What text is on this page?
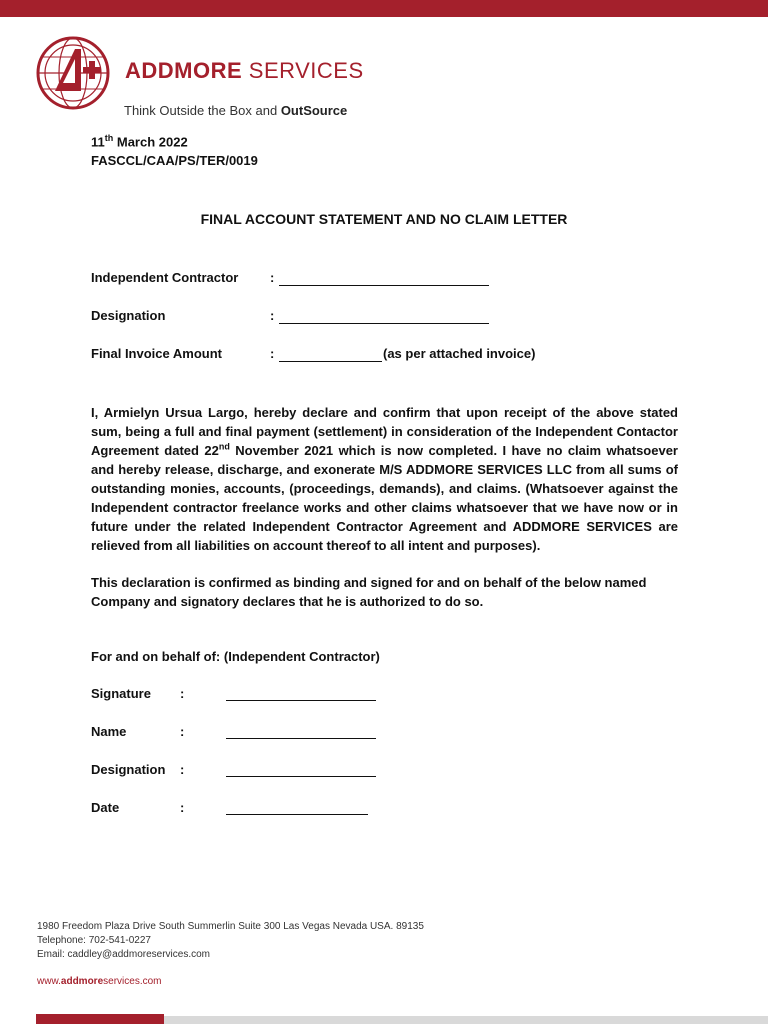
ADDMORE SERVICES
Think Outside the Box and OutSource
11th March 2022
FASCCL/CAA/PS/TER/0019
FINAL ACCOUNT STATEMENT AND NO CLAIM LETTER
Independent Contractor :
Designation	:
Final Invoice Amount	:	(as per attached invoice)
I, Armielyn Ursua Largo, hereby declare and confirm that upon receipt of the above stated sum, being a full and final payment (settlement) in consideration of the Independent Contactor Agreement dated 22nd November 2021 which is now completed. I have no claim whatsoever and hereby release, discharge, and exonerate M/S ADDMORE SERVICES LLC from all sums of outstanding monies, accounts, (proceedings, demands), and claims. (Whatsoever against the Independent contractor freelance works and other claims whatsoever that we have now or in future under the related Independent Contractor Agreement and ADDMORE SERVICES are relieved from all liabilities on account thereof to all intent and purposes).
This declaration is confirmed as binding and signed for and on behalf of the below named Company and signatory declares that he is authorized to do so.
For and on behalf of: (Independent Contractor)
Signature :
Name	:
Designation :
Date	:
1980 Freedom Plaza Drive South Summerlin Suite 300 Las Vegas Nevada USA. 89135
Telephone: 702-541-0227
Email: caddley@addmoreservices.com
www.addmoreservices.com
